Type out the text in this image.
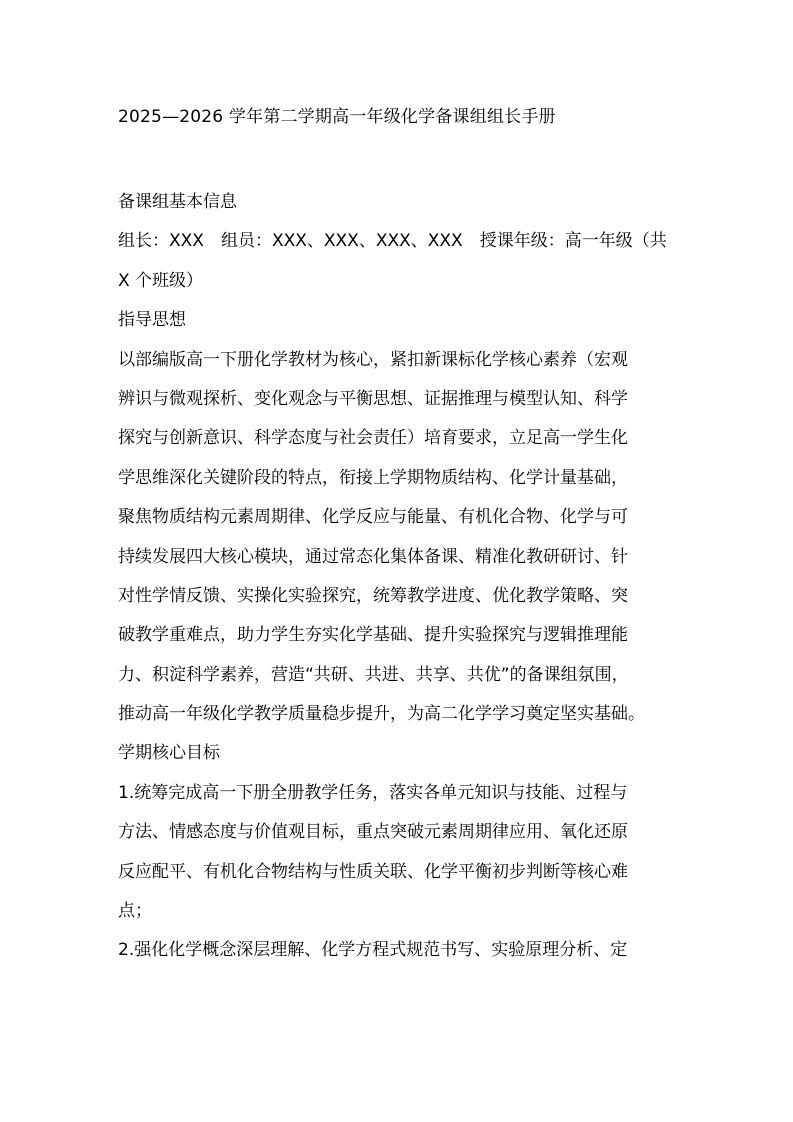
2025—2026 学年第二学期高一年级化学备课组组长手册
备课组基本信息
组长：XXX　组员：XXX、XXX、XXX、XXX　授课年级：高一年级（共
X 个班级）
指导思想
以部编版高一下册化学教材为核心，紧扣新课标化学核心素养（宏观
辨识与微观探析、变化观念与平衡思想、证据推理与模型认知、科学
探究与创新意识、科学态度与社会责任）培育要求，立足高一学生化
学思维深化关键阶段的特点，衔接上学期物质结构、化学计量基础，
聚焦物质结构元素周期律、化学反应与能量、有机化合物、化学与可
持续发展四大核心模块，通过常态化集体备课、精准化教研研讨、针
对性学情反馈、实操化实验探究，统筹教学进度、优化教学策略、突
破教学重难点，助力学生夯实化学基础、提升实验探究与逻辑推理能
力、积淀科学素养，营造“共研、共进、共享、共优”的备课组氛围，
推动高一年级化学教学质量稳步提升，为高二化学学习奠定坚实基础。
学期核心目标
1.统筹完成高一下册全册教学任务，落实各单元知识与技能、过程与
方法、情感态度与价值观目标，重点突破元素周期律应用、氧化还原
反应配平、有机化合物结构与性质关联、化学平衡初步判断等核心难
点；
2.强化化学概念深层理解、化学方程式规范书写、实验原理分析、定
